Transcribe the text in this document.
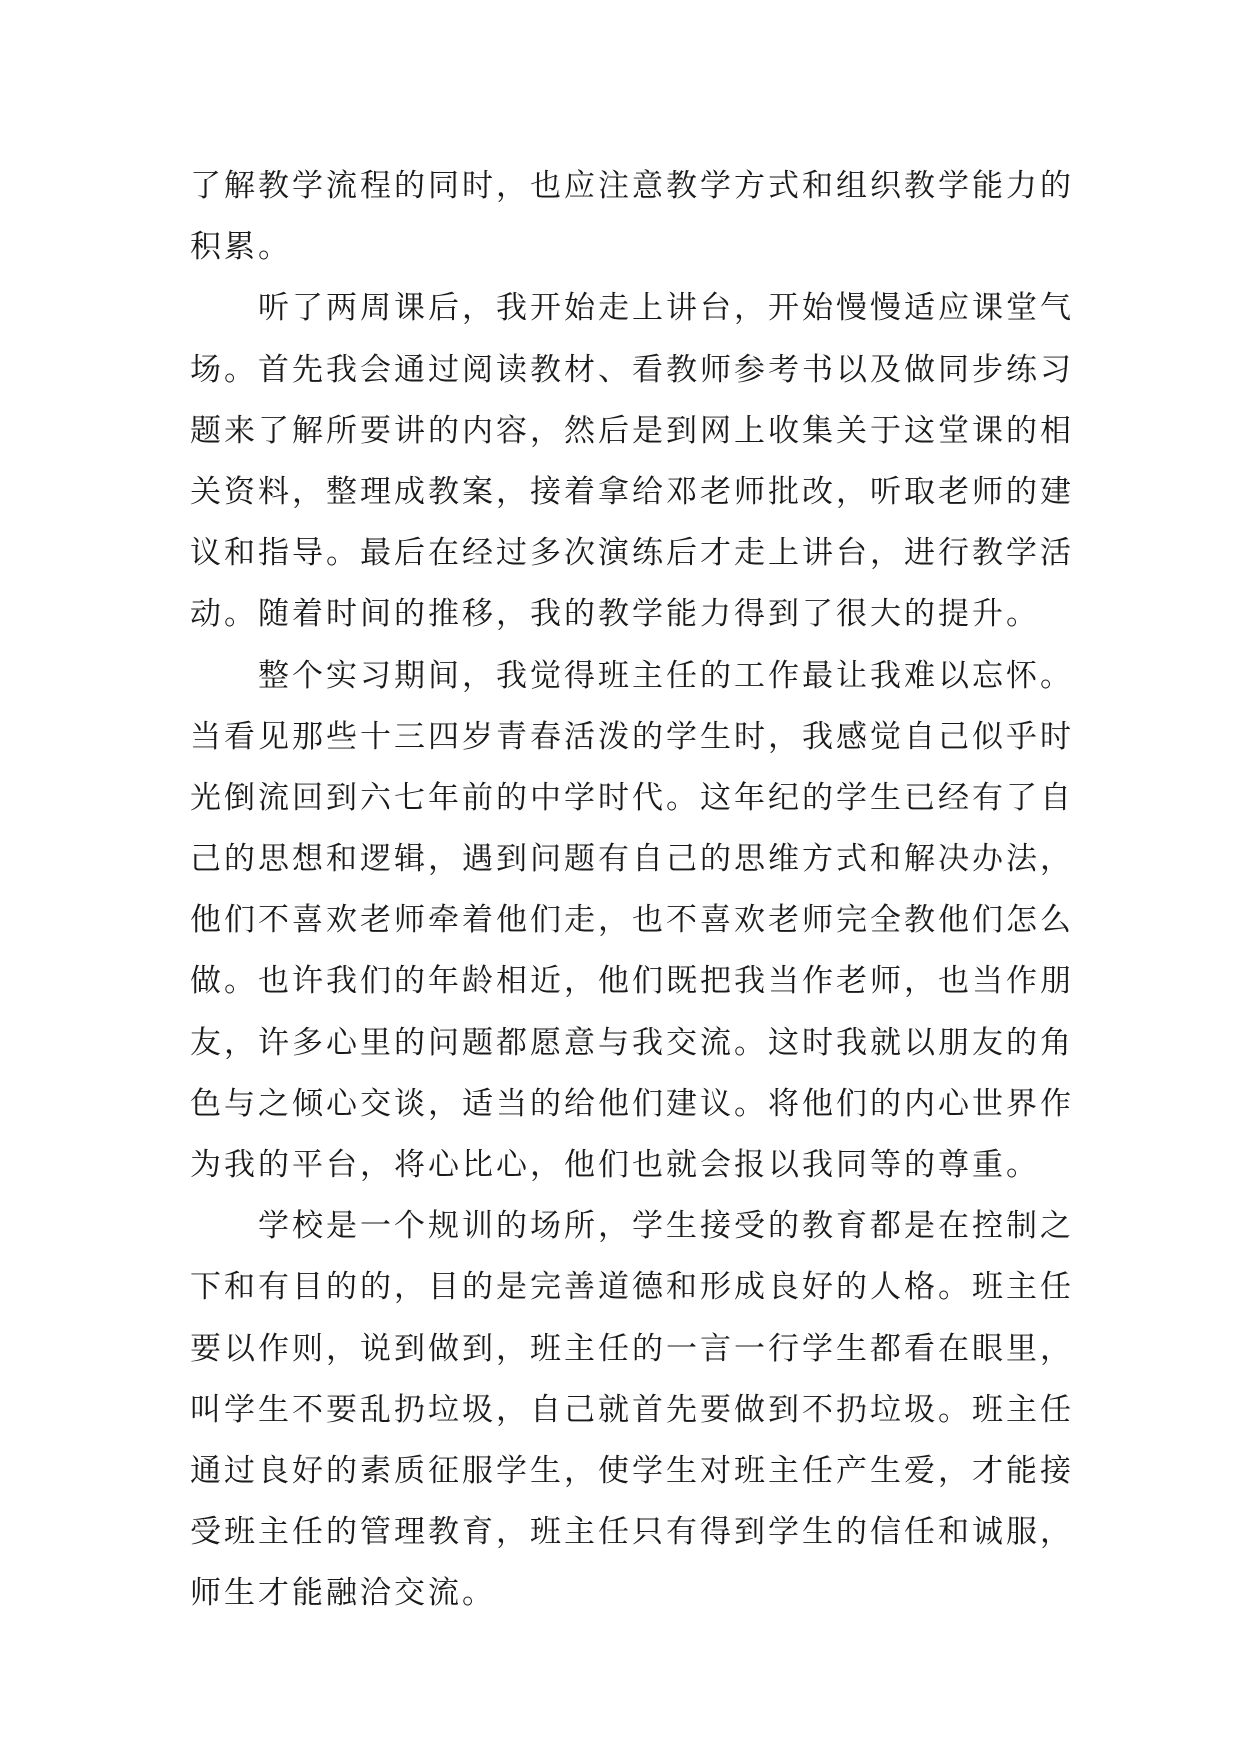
了解教学流程的同时，也应注意教学方式和组织教学能力的
积累。
听了两周课后，我开始走上讲台，开始慢慢适应课堂气
场。首先我会通过阅读教材、看教师参考书以及做同步练习
题来了解所要讲的内容，然后是到网上收集关于这堂课的相
关资料，整理成教案，接着拿给邓老师批改，听取老师的建
议和指导。最后在经过多次演练后才走上讲台，进行教学活
动。随着时间的推移，我的教学能力得到了很大的提升。
整个实习期间，我觉得班主任的工作最让我难以忘怀。
当看见那些十三四岁青春活泼的学生时，我感觉自己似乎时
光倒流回到六七年前的中学时代。这年纪的学生已经有了自
己的思想和逻辑，遇到问题有自己的思维方式和解决办法，
他们不喜欢老师牵着他们走，也不喜欢老师完全教他们怎么
做。也许我们的年龄相近，他们既把我当作老师，也当作朋
友，许多心里的问题都愿意与我交流。这时我就以朋友的角
色与之倾心交谈，适当的给他们建议。将他们的内心世界作
为我的平台，将心比心，他们也就会报以我同等的尊重。
学校是一个规训的场所，学生接受的教育都是在控制之
下和有目的的，目的是完善道德和形成良好的人格。班主任
要以作则，说到做到，班主任的一言一行学生都看在眼里，
叫学生不要乱扔垃圾，自己就首先要做到不扔垃圾。班主任
通过良好的素质征服学生，使学生对班主任产生爱，才能接
受班主任的管理教育，班主任只有得到学生的信任和诚服，
师生才能融洽交流。
